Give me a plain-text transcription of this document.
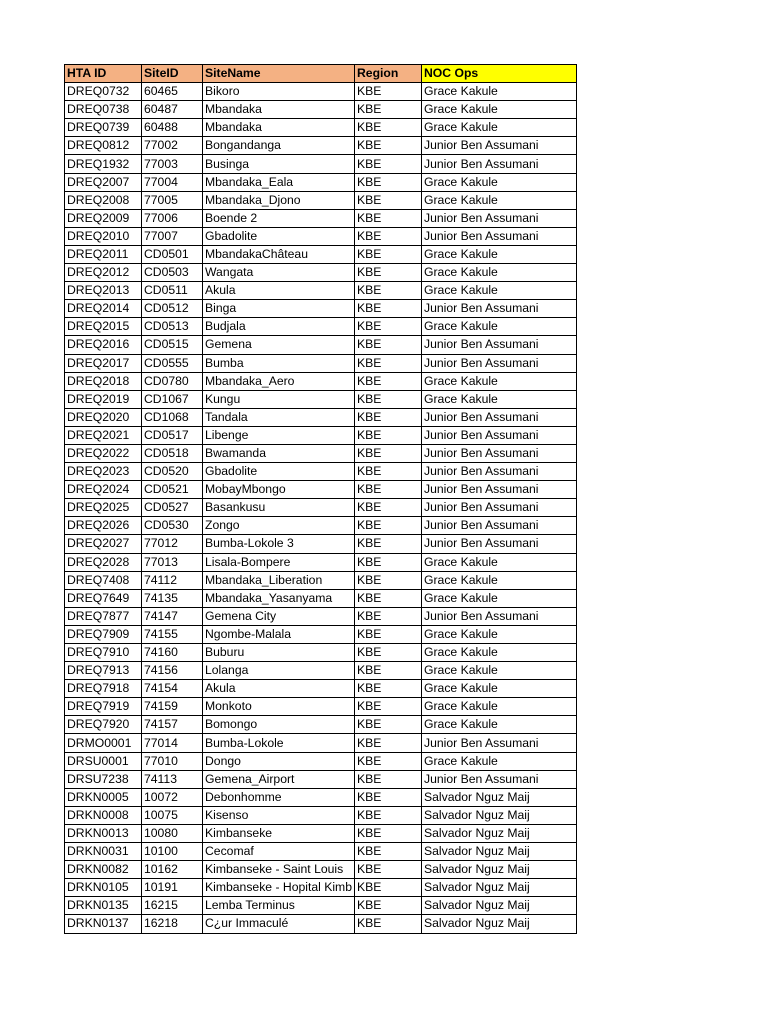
HTA ID	SiteID	SiteName	Region	NOC Ops
DREQ0732	60465	Bikoro	KBE	Grace Kakule
DREQ0738	60487	Mbandaka	KBE	Grace Kakule
DREQ0739	60488	Mbandaka	KBE	Grace Kakule
DREQ0812	77002	Bongandanga	KBE	Junior Ben Assumani
DREQ1932	77003	Businga	KBE	Junior Ben Assumani
DREQ2007	77004	Mbandaka_Eala	KBE	Grace Kakule
DREQ2008	77005	Mbandaka_Djono	KBE	Grace Kakule
DREQ2009	77006	Boende 2	KBE	Junior Ben Assumani
DREQ2010	77007	Gbadolite	KBE	Junior Ben Assumani
DREQ2011	CD0501	MbandakaChâteau	KBE	Grace Kakule
DREQ2012	CD0503	Wangata	KBE	Grace Kakule
DREQ2013	CD0511	Akula	KBE	Grace Kakule
DREQ2014	CD0512	Binga	KBE	Junior Ben Assumani
DREQ2015	CD0513	Budjala	KBE	Grace Kakule
DREQ2016	CD0515	Gemena	KBE	Junior Ben Assumani
DREQ2017	CD0555	Bumba	KBE	Junior Ben Assumani
DREQ2018	CD0780	Mbandaka_Aero	KBE	Grace Kakule
DREQ2019	CD1067	Kungu	KBE	Grace Kakule
DREQ2020	CD1068	Tandala	KBE	Junior Ben Assumani
DREQ2021	CD0517	Libenge	KBE	Junior Ben Assumani
DREQ2022	CD0518	Bwamanda	KBE	Junior Ben Assumani
DREQ2023	CD0520	Gbadolite	KBE	Junior Ben Assumani
DREQ2024	CD0521	MobayMbongo	KBE	Junior Ben Assumani
DREQ2025	CD0527	Basankusu	KBE	Junior Ben Assumani
DREQ2026	CD0530	Zongo	KBE	Junior Ben Assumani
DREQ2027	77012	Bumba-Lokole 3	KBE	Junior Ben Assumani
DREQ2028	77013	Lisala-Bompere	KBE	Grace Kakule
DREQ7408	74112	Mbandaka_Liberation	KBE	Grace Kakule
DREQ7649	74135	Mbandaka_Yasanyama	KBE	Grace Kakule
DREQ7877	74147	Gemena City	KBE	Junior Ben Assumani
DREQ7909	74155	Ngombe-Malala	KBE	Grace Kakule
DREQ7910	74160	Buburu	KBE	Grace Kakule
DREQ7913	74156	Lolanga	KBE	Grace Kakule
DREQ7918	74154	Akula	KBE	Grace Kakule
DREQ7919	74159	Monkoto	KBE	Grace Kakule
DREQ7920	74157	Bomongo	KBE	Grace Kakule
DRMO0001	77014	Bumba-Lokole	KBE	Junior Ben Assumani
DRSU0001	77010	Dongo	KBE	Grace Kakule
DRSU7238	74113	Gemena_Airport	KBE	Junior Ben Assumani
DRKN0005	10072	Debonhomme	KBE	Salvador Nguz Maij
DRKN0008	10075	Kisenso	KBE	Salvador Nguz Maij
DRKN0013	10080	Kimbanseke	KBE	Salvador Nguz Maij
DRKN0031	10100	Cecomaf	KBE	Salvador Nguz Maij
DRKN0082	10162	Kimbanseke - Saint Louis	KBE	Salvador Nguz Maij
DRKN0105	10191	Kimbanseke - Hopital Kimb	KBE	Salvador Nguz Maij
DRKN0135	16215	Lemba Terminus	KBE	Salvador Nguz Maij
DRKN0137	16218	C¿ur Immaculé	KBE	Salvador Nguz Maij
